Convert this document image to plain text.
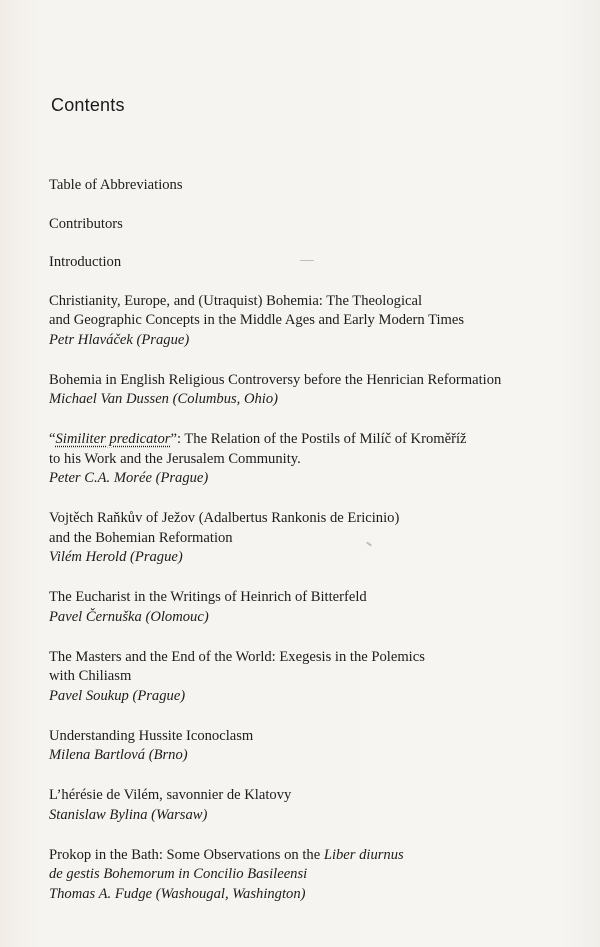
Contents
Table of Abbreviations
Contributors
Introduction
Christianity, Europe, and (Utraquist) Bohemia: The Theological
and Geographic Concepts in the Middle Ages and Early Modern Times
Petr Hlaváček (Prague)
Bohemia in English Religious Controversy before the Henrician Reformation
Michael Van Dussen (Columbus, Ohio)
“Similiter predicator”: The Relation of the Postils of Milíč of Kroměříž
to his Work and the Jerusalem Community.
Peter C.A. Morée (Prague)
Vojtěch Raňkův of Ježov (Adalbertus Rankonis de Ericinio)
and the Bohemian Reformation
Vilém Herold (Prague)
The Eucharist in the Writings of Heinrich of Bitterfeld
Pavel Černuška (Olomouc)
The Masters and the End of the World: Exegesis in the Polemics
with Chiliasm
Pavel Soukup (Prague)
Understanding Hussite Iconoclasm
Milena Bartlová (Brno)
L’hérésie de Vilém, savonnier de Klatovy
Stanislaw Bylina (Warsaw)
Prokop in the Bath: Some Observations on the Liber diurnus
de gestis Bohemorum in Concilio Basileensi
Thomas A. Fudge (Washougal, Washington)
